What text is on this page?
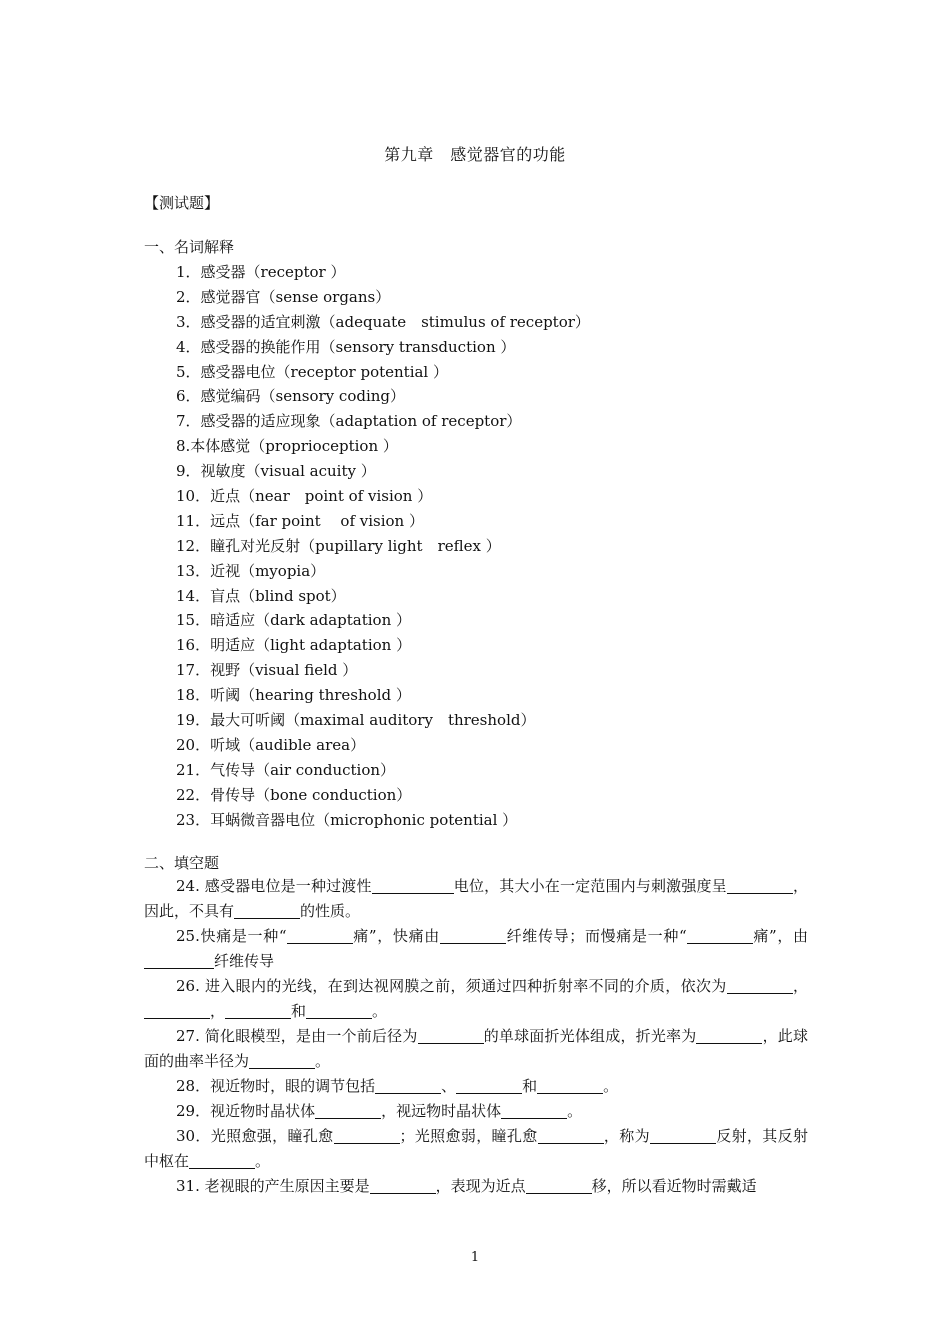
第九章　感觉器官的功能
【测试题】
一、名词解释
1．感受器（receptor ）
2．感觉器官（sense organs）
3．感受器的适宜刺激（adequate　stimulus of receptor）
4．感受器的换能作用（sensory transduction ）
5．感受器电位（receptor potential ）
6．感觉编码（sensory coding）
7．感受器的适应现象（adaptation of receptor）
8.本体感觉（proprioception ）
9．视敏度（visual acuity ）
10．近点（near　point of vision ）
11．远点（far point　 of vision ）
12．瞳孔对光反射（pupillary light　reflex ）
13．近视（myopia）
14．盲点（blind spot）
15．暗适应（dark adaptation ）
16．明适应（light adaptation ）
17．视野（visual field ）
18．听阈（hearing threshold ）
19．最大可听阈（maximal auditory　threshold）
20．听域（audible area）
21．气传导（air conduction）
22．骨传导（bone conduction）
23．耳蜗微音器电位（microphonic potential ）
二、填空题

24. 感受器电位是一种过渡性	电位，其大小在一定范围内与刺激强度呈	，因此，不具有	的性质。

25.快痛是一种“	痛”，快痛由	纤维传导；而慢痛是一种“	痛”，由纤维传导

26. 进入眼内的光线，在到达视网膜之前，须通过四种折射率不同的介质，依次为	，，	和	。

27. 简化眼模型，是由一个前后径为	的单球面折光体组成，折光率为	，此球面的曲率半径为	。

28．视近物时，眼的调节包括	、	和	。

29．视近物时晶状体	，视远物时晶状体	。

30．光照愈强，瞳孔愈	；光照愈弱，瞳孔愈	，称为	反射，其反射中枢在	。

31. 老视眼的产生原因主要是	，表现为近点	移，所以看近物时需戴适

1
